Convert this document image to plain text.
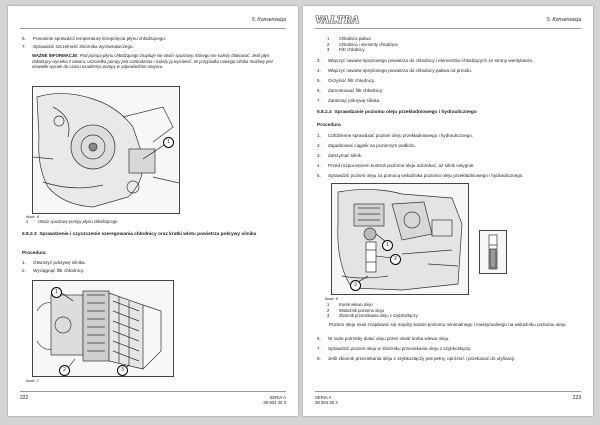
5. Konserwacja
6. Ponownie sprawdzić temperaturę krzepnięcia płynu chłodzącego.
7. Sprawdzić szczelność zbiornika wyrównawczego.
WAŻNE INFORMACJE: Pod pompą płynu chłodzącego znajduje się otwór spustowy, którego nie należy blokować. Jeśli płyn chłodzący wycieka z otworu, uszczelka pompy jest uszkodzona i należy ją wymienić. W przypadku nowego silnika możliwy jest niewielki wyciek do czasu osadzenia pompy w odpowiednim miejscu.
1
Ilustr. 6
1 Otwór spustowy pompy płynu chłodzącego
5.8.2.3 Sprawdzenie i czyszczenie szeregowania chłodnicy oraz kratki wlotu powietrza pokrywy silnika
Procedura
1. Otworzyć pokrywę silnika.
2. Wyciągnąć filtr chłodnicy.
1
2	3
Ilustr. 7
222	SERIA A
39 904 30 3
VALTRA	5. Konserwacja
1 Chłodnica paliwa
2 Chłodnica i elementy chłodzące
3 Filtr chłodnicy
3. Włączyć nawiew sprężonego powietrza do chłodnicy i elementów chłodzących ze strony wentylatora.
4. Włączyć nawiew sprężonego powietrza do chłodnicy paliwa od przodu.
5. Oczyścić filtr chłodnicy.
6. Zamontować filtr chłodnicy.
7. Zamknąć pokrywę silnika.
5.8.2.4 Sprawdzanie poziomu oleju przekładniowego i hydraulicznego
Procedura
1. Cofdzienne sprawdzać poziom oleju przekładniowego i hydraulicznego.
2. Zaparkować ciągnik na poziomym podłożu.
3. Zatrzymać silnik.
4. Przed rozpoczęciem kontroli poziomu oleju odczekać, aż silnik ostygnie.
5. Sprawdzić poziom oleju za pomocą wskaźnika poziomu oleju przekładniowego i hydraulicznego.
1
2
3
Ilustr. 8
1 Korek wlewu oleju
2 Wskaźnik poziomu oleju
3 Zbiornik przeciekania oleju z szybkozłączy
Poziom oleju musi znajdować się między liniami poziomu minimalnego i maksymalnego na wskaźniku poziomu oleju.
6. W razie potrzeby dolać oleju przez otwór korka wlewu oleju.
7. Sprawdzić poziom oleju w zbiorniku przeciekania oleju z szybkozłączy.
8. Jeśli zbiornik przeciekania oleju z szybkozłączy jest pełny, opróżnić i przekazać do utylizacji.
SERIA A
39 904 30 3
223
